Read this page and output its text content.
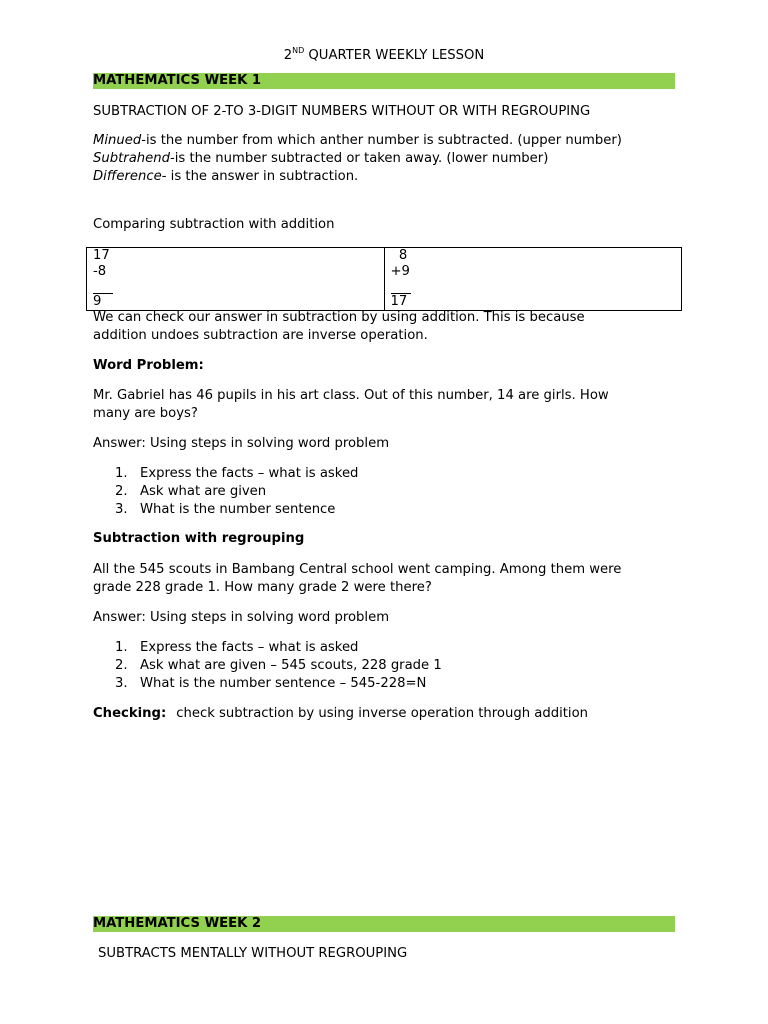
2ND QUARTER WEEKLY LESSON
MATHEMATICS WEEK 1
SUBTRACTION OF 2-TO 3-DIGIT NUMBERS WITHOUT OR WITH REGROUPING
Minued-is the number from which anther number is subtracted. (upper number)
Subtrahend-is the number subtracted or taken away. (lower number)
Difference- is the answer in subtraction.
Comparing subtraction with addition
17
-8
9

8
+9
17
We can check our answer in subtraction by using addition. This is because
addition undoes subtraction are inverse operation.
Word Problem:
Mr. Gabriel has 46 pupils in his art class. Out of this number, 14 are girls. How
many are boys?
Answer: Using steps in solving word problem
1. Express the facts – what is asked
2. Ask what are given
3. What is the number sentence
Subtraction with regrouping
All the 545 scouts in Bambang Central school went camping. Among them were
grade 228 grade 1. How many grade 2 were there?
Answer: Using steps in solving word problem
1. Express the facts – what is asked
2. Ask what are given – 545 scouts, 228 grade 1
3. What is the number sentence – 545-228=N
Checking: check subtraction by using inverse operation through addition
MATHEMATICS WEEK 2
SUBTRACTS MENTALLY WITHOUT REGROUPING
